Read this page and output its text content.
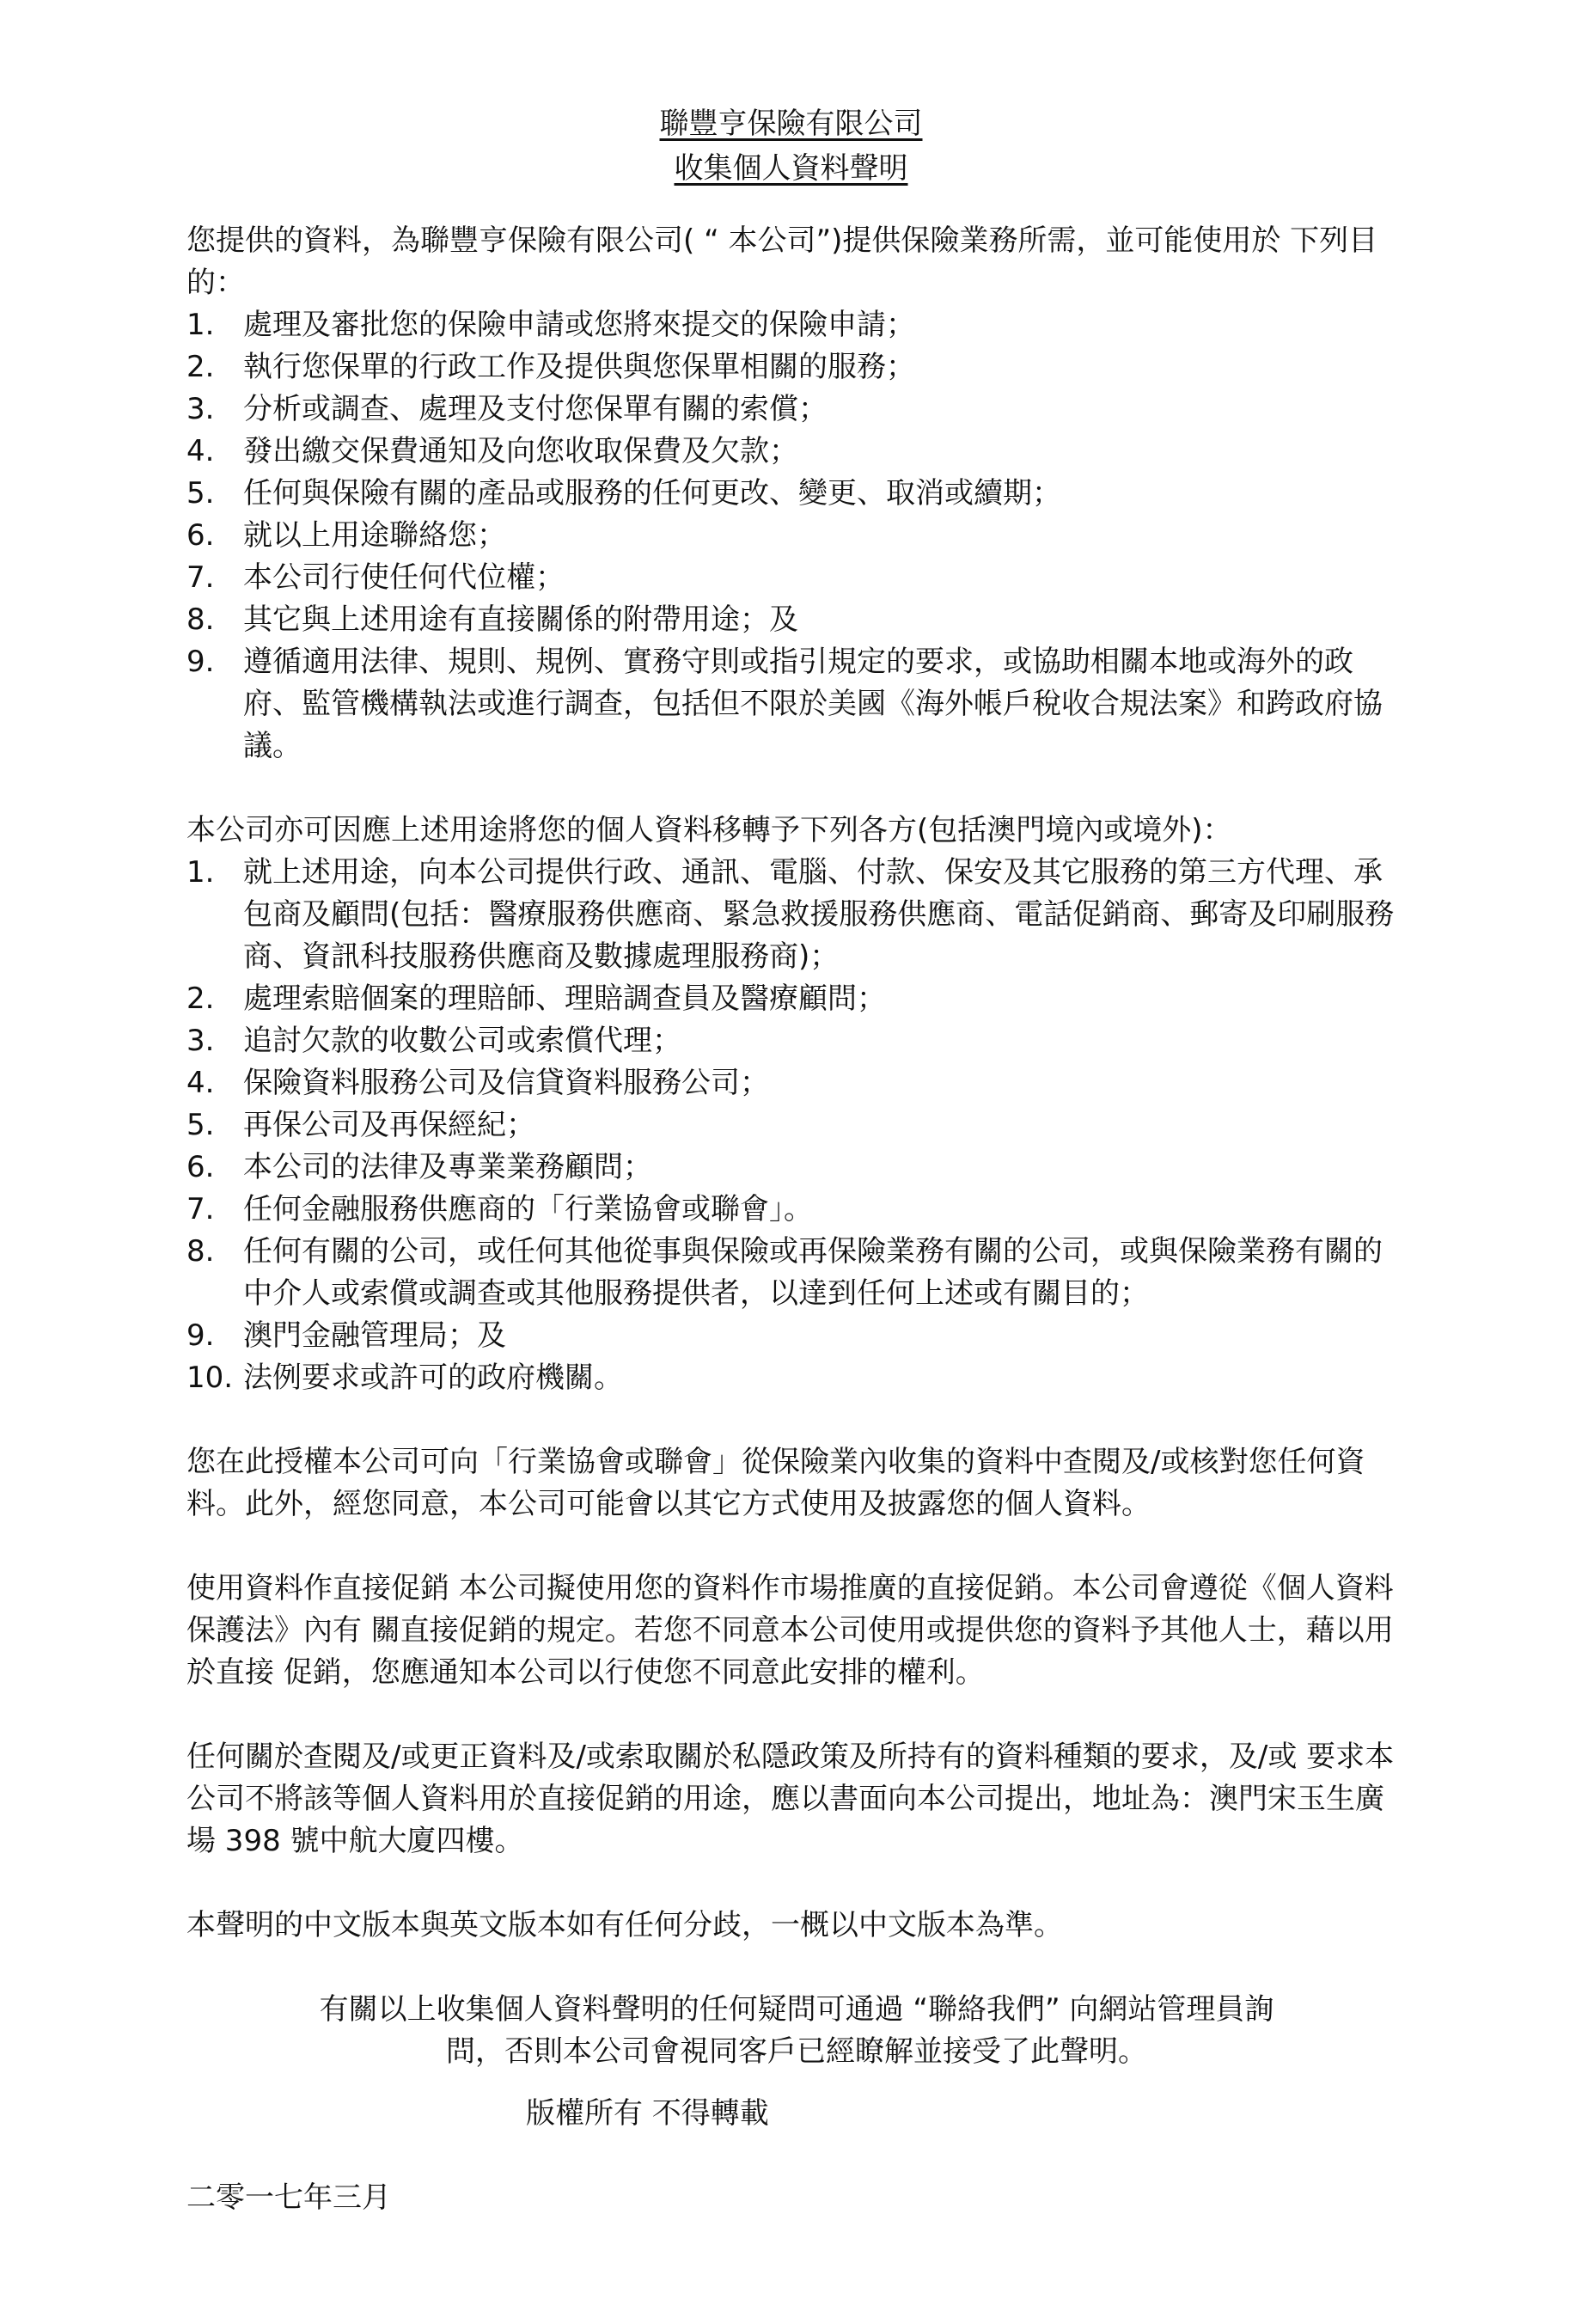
聯豐亨保險有限公司

收集個人資料聲明

您提供的資料，為聯豐亨保險有限公司( “ 本公司”)提供保險業務所需，並可能使用於 下列目的：

1. 處理及審批您的保險申請或您將來提交的保險申請；
2. 執行您保單的行政工作及提供與您保單相關的服務；
3. 分析或調查、處理及支付您保單有關的索償；
4. 發出繳交保費通知及向您收取保費及欠款；
5. 任何與保險有關的產品或服務的任何更改、變更、取消或續期；
6. 就以上用途聯絡您；
7. 本公司行使任何代位權；
8. 其它與上述用途有直接關係的附帶用途；及
9. 遵循適用法律、規則、規例、實務守則或指引規定的要求，或協助相關本地或海外的政府、監管機構執法或進行調查，包括但不限於美國《海外帳戶稅收合規法案》和跨政府協議。

本公司亦可因應上述用途將您的個人資料移轉予下列各方(包括澳門境內或境外)：

1. 就上述用途，向本公司提供行政、通訊、電腦、付款、保安及其它服務的第三方代理、承包商及顧問(包括：醫療服務供應商、緊急救援服務供應商、電話促銷商、郵寄及印刷服務商、資訊科技服務供應商及數據處理服務商)；
2. 處理索賠個案的理賠師、理賠調查員及醫療顧問；
3. 追討欠款的收數公司或索償代理；
4. 保險資料服務公司及信貸資料服務公司；
5. 再保公司及再保經紀；
6. 本公司的法律及專業業務顧問；
7. 任何金融服務供應商的「行業協會或聯會」。
8. 任何有關的公司，或任何其他從事與保險或再保險業務有關的公司，或與保險業務有關的中介人或索償或調查或其他服務提供者，以達到任何上述或有關目的；
9. 澳門金融管理局；及
10. 法例要求或許可的政府機關。

您在此授權本公司可向「行業協會或聯會」從保險業內收集的資料中查閱及/或核對您任何資料。此外，經您同意，本公司可能會以其它方式使用及披露您的個人資料。

使用資料作直接促銷 本公司擬使用您的資料作市場推廣的直接促銷。本公司會遵從《個人資料保護法》內有 關直接促銷的規定。若您不同意本公司使用或提供您的資料予其他人士，藉以用於直接 促銷，您應通知本公司以行使您不同意此安排的權利。

任何關於查閱及/或更正資料及/或索取關於私隱政策及所持有的資料種類的要求，及/或 要求本公司不將該等個人資料用於直接促銷的用途，應以書面向本公司提出，地址為：澳門宋玉生廣場 398 號中航大廈四樓。

本聲明的中文版本與英文版本如有任何分歧，一概以中文版本為準。

有關以上收集個人資料聲明的任何疑問可通過 “聯絡我們” 向網站管理員詢問，否則本公司會視同客戶已經瞭解並接受了此聲明。

版權所有 不得轉載
二零一七年三月
